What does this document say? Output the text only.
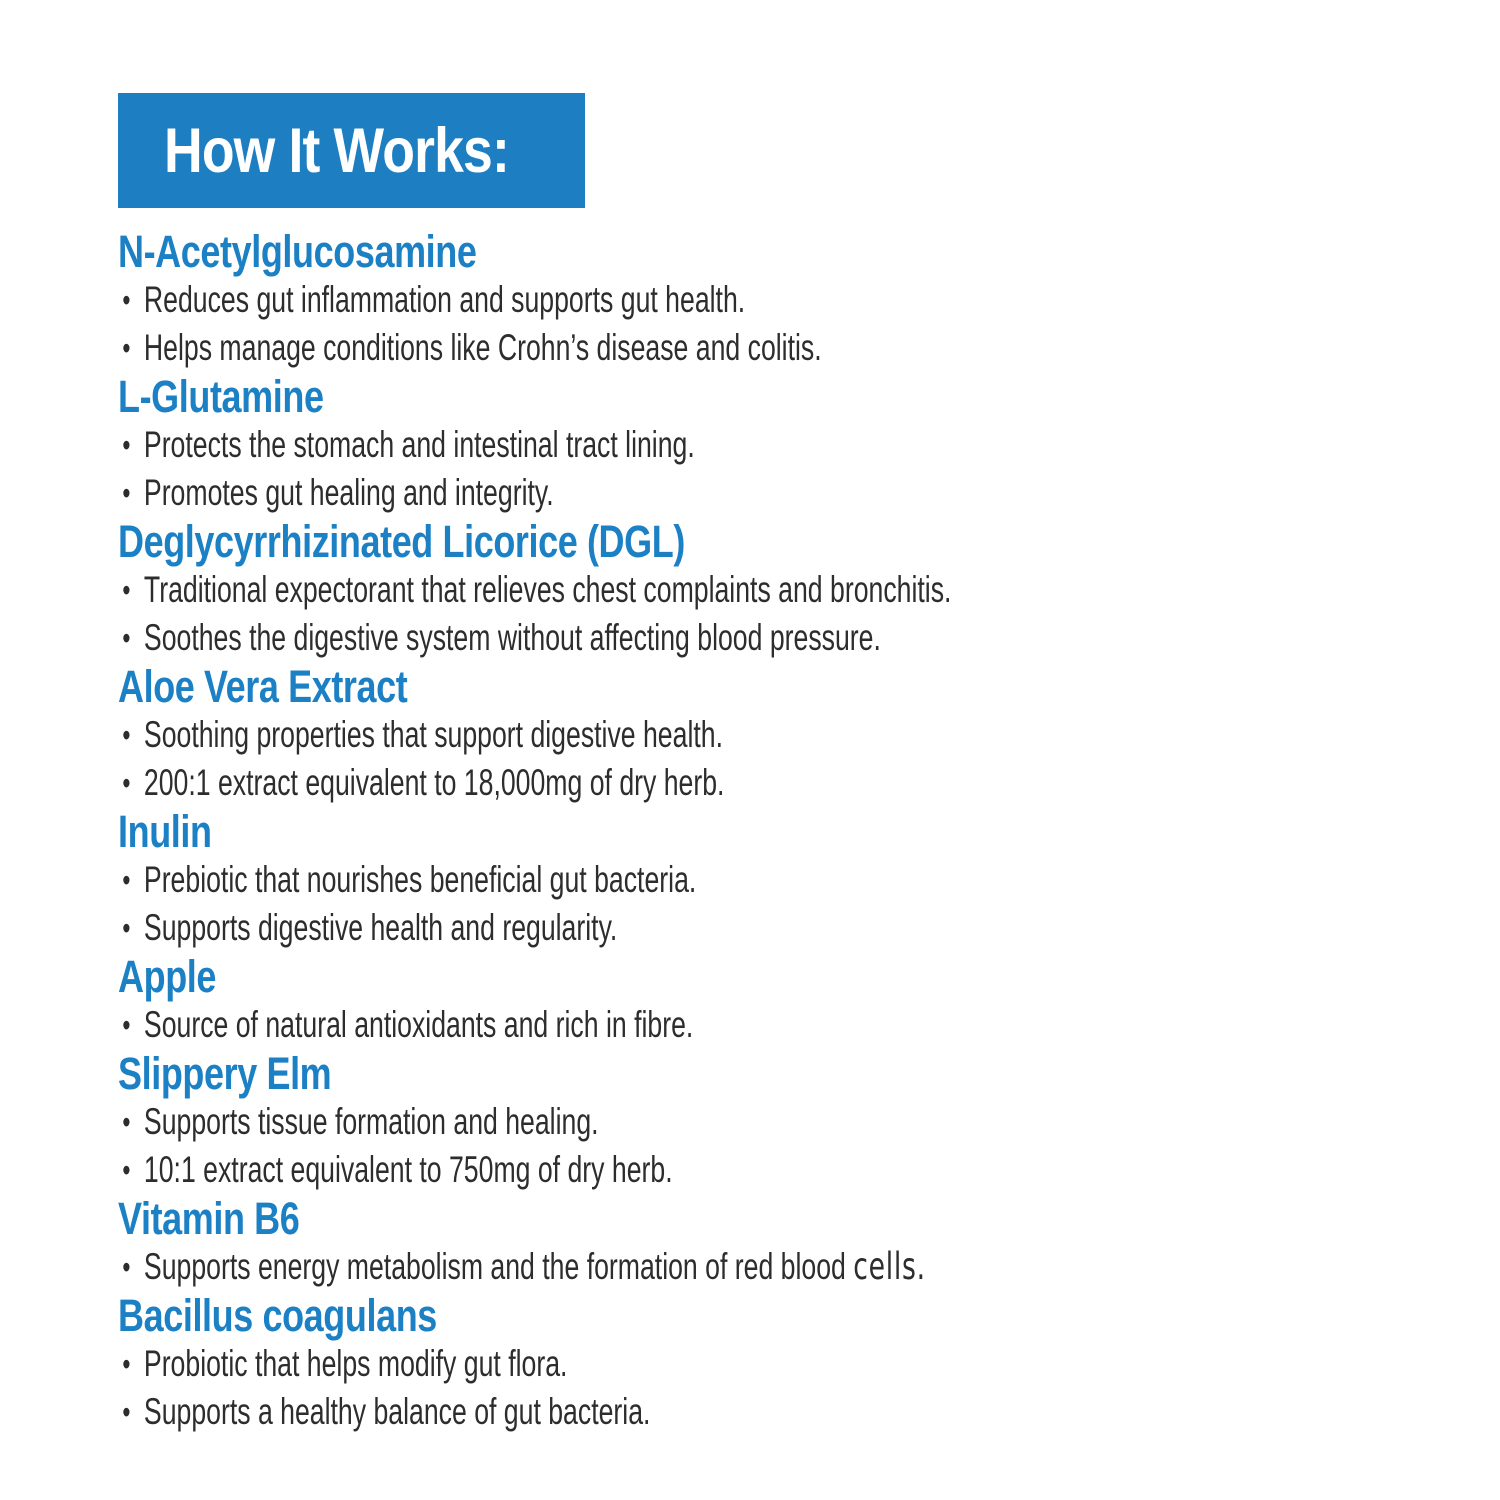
How It Works:
N-Acetylglucosamine
• Reduces gut inflammation and supports gut health.
• Helps manage conditions like Crohn’s disease and colitis.
L-Glutamine
• Protects the stomach and intestinal tract lining.
• Promotes gut healing and integrity.
Deglycyrrhizinated Licorice (DGL)
• Traditional expectorant that relieves chest complaints and bronchitis.
• Soothes the digestive system without affecting blood pressure.
Aloe Vera Extract
• Soothing properties that support digestive health.
• 200:1 extract equivalent to 18,000mg of dry herb.
Inulin
• Prebiotic that nourishes beneficial gut bacteria.
• Supports digestive health and regularity.
Apple
• Source of natural antioxidants and rich in fibre.
Slippery Elm
• Supports tissue formation and healing.
• 10:1 extract equivalent to 750mg of dry herb.
Vitamin B6
• Supports energy metabolism and the formation of red blood cells.
Bacillus coagulans
• Probiotic that helps modify gut flora.
• Supports a healthy balance of gut bacteria.
